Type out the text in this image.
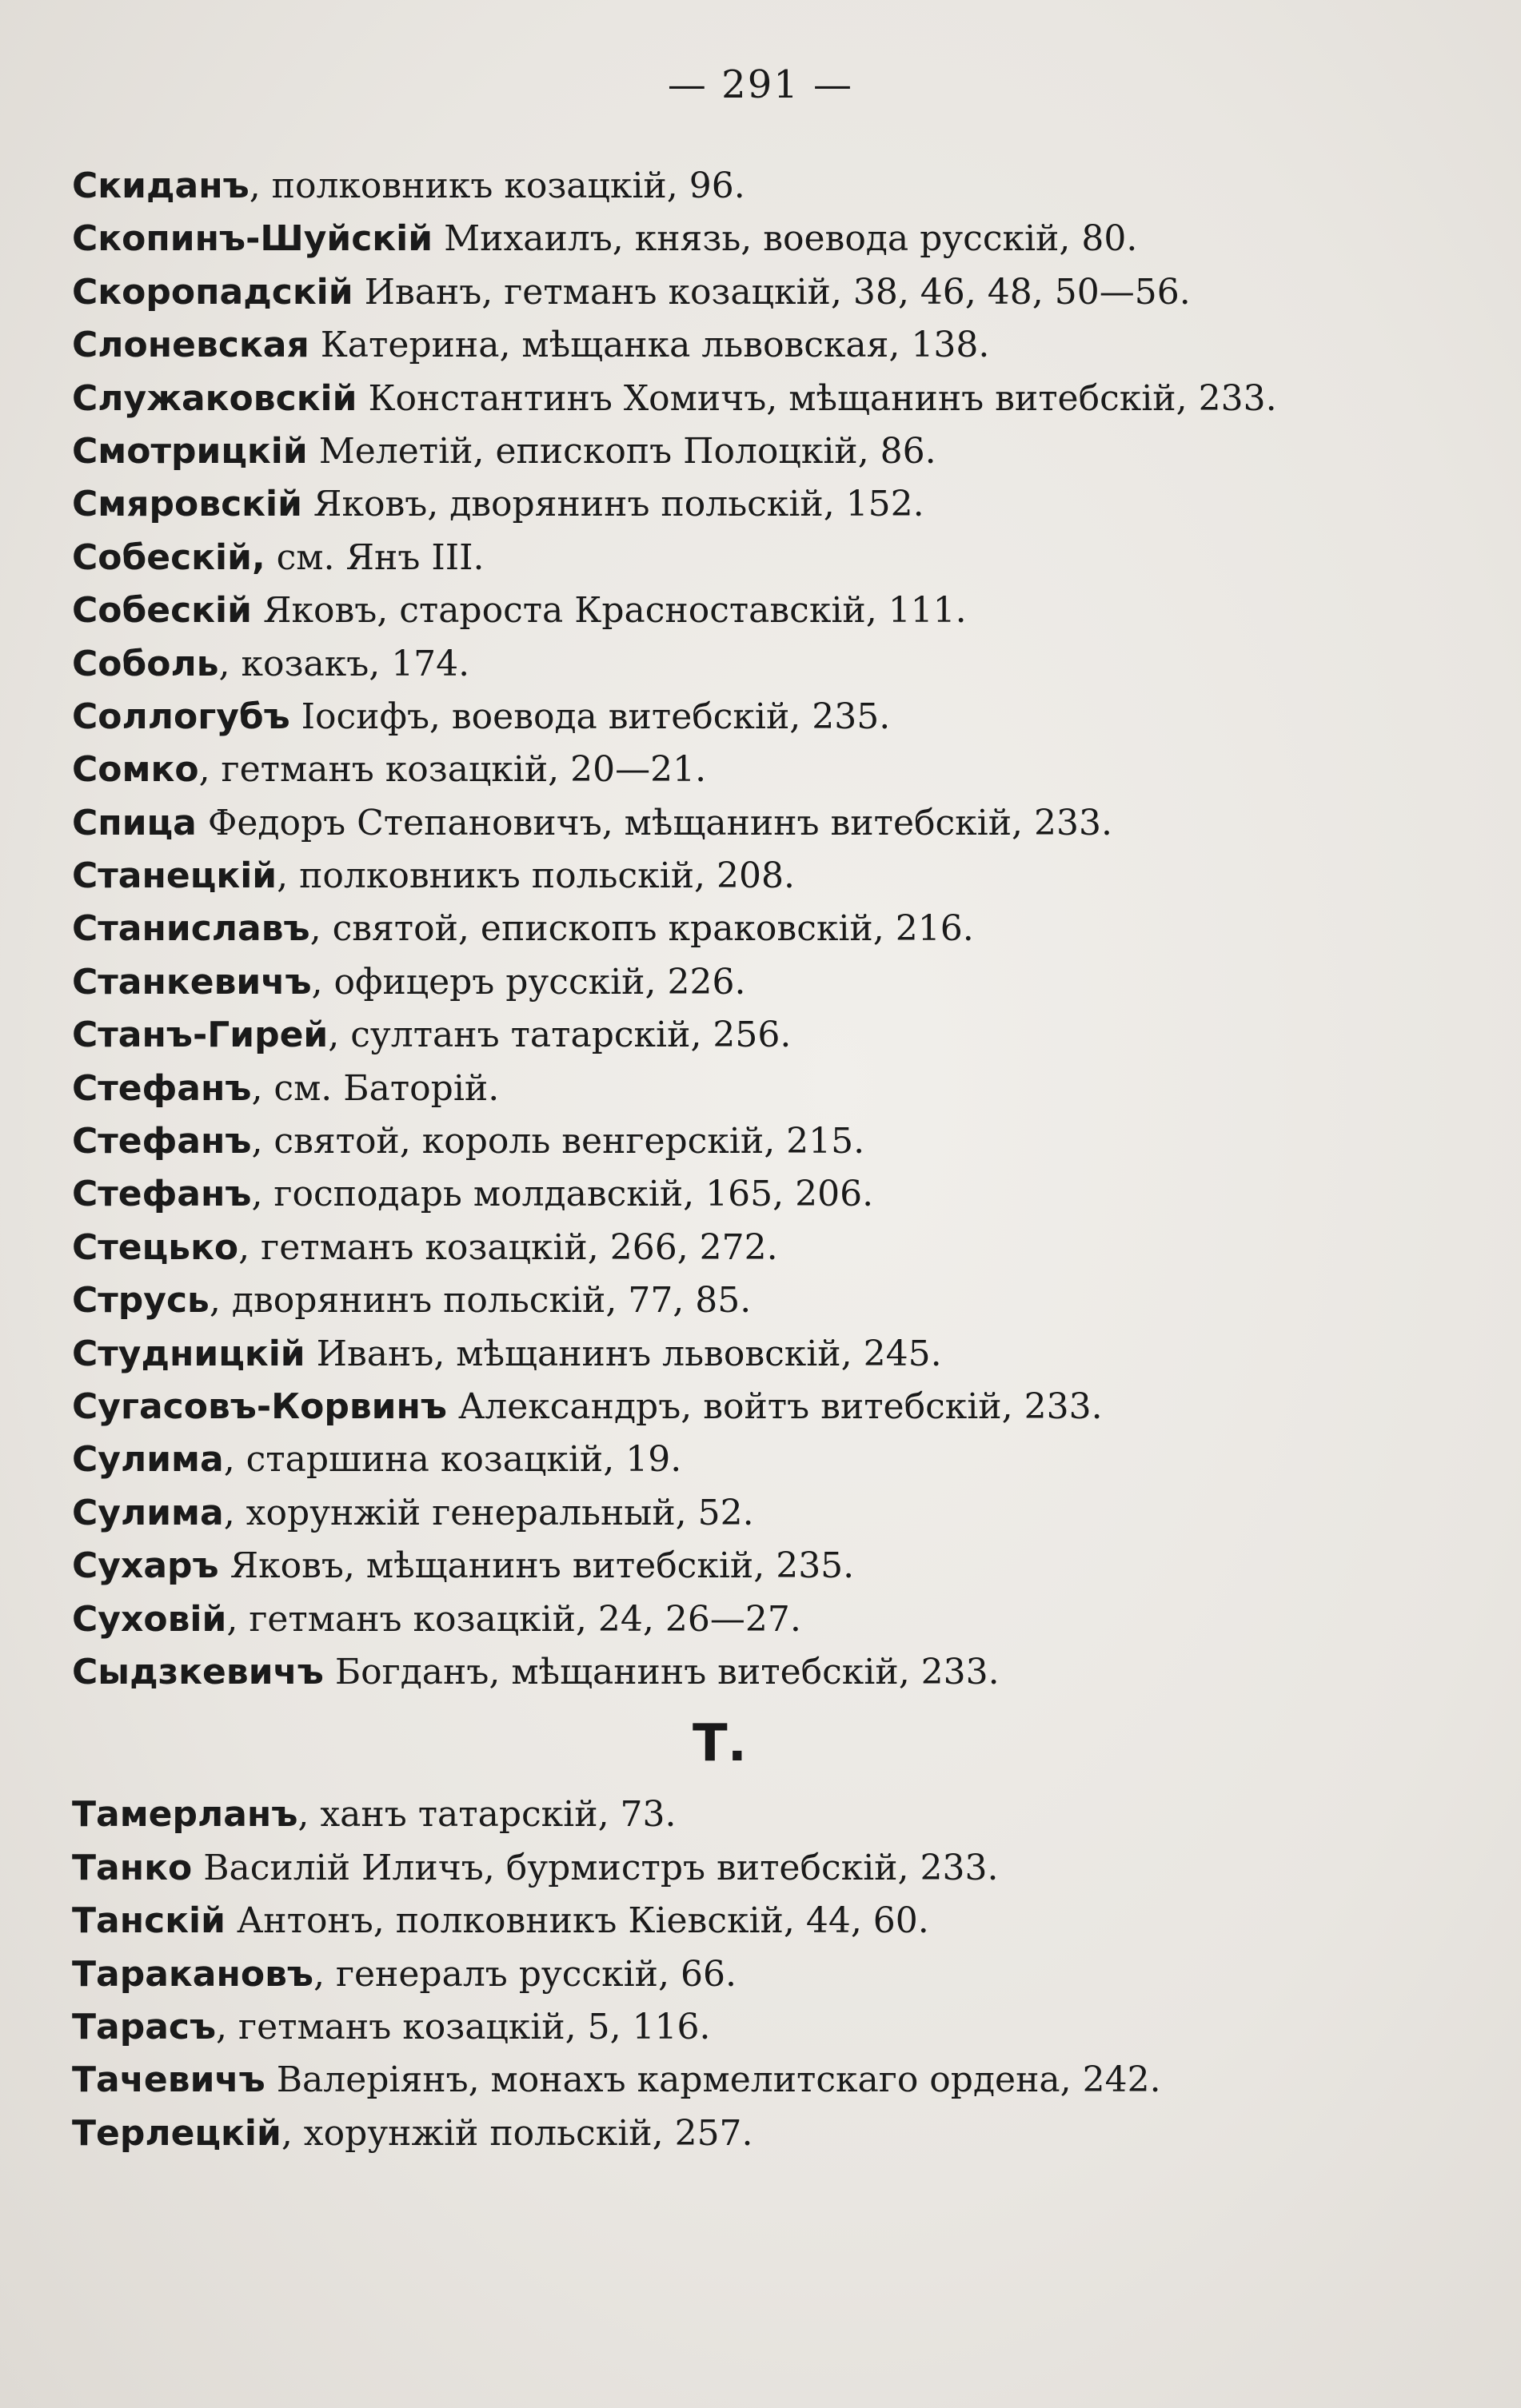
— 291 —
Скиданъ, полковникъ козацкій, 96.
Скопинъ-Шуйскій Михаилъ, князь, воевода русскій, 80.
Скоропадскій Иванъ, гетманъ козацкій, 38, 46, 48, 50—56.
Слоневская Катерина, мѣщанка львовская, 138.
Служаковскій Константинъ Хомичъ, мѣщанинъ витебскій, 233.
Смотрицкій Мелетій, епископъ Полоцкій, 86.
Смяровскій Яковъ, дворянинъ польскій, 152.
Собескій, см. Янъ III.
Собескій Яковъ, староста Красноставскій, 111.
Соболь, козакъ, 174.
Соллогубъ Іосифъ, воевода витебскій, 235.
Сомко, гетманъ козацкій, 20—21.
Спица Федоръ Степановичъ, мѣщанинъ витебскій, 233.
Станецкій, полковникъ польскій, 208.
Станиславъ, святой, епископъ краковскій, 216.
Станкевичъ, офицеръ русскій, 226.
Станъ-Гирей, султанъ татарскій, 256.
Стефанъ, см. Баторій.
Стефанъ, святой, король венгерскій, 215.
Стефанъ, господарь молдавскій, 165, 206.
Стецько, гетманъ козацкій, 266, 272.
Струсь, дворянинъ польскій, 77, 85.
Студницкій Иванъ, мѣщанинъ львовскій, 245.
Сугасовъ-Корвинъ Александръ, войтъ витебскій, 233.
Сулима, старшина козацкій, 19.
Сулима, хорунжій генеральный, 52.
Сухаръ Яковъ, мѣщанинъ витебскій, 235.
Суховій, гетманъ козацкій, 24, 26—27.
Сыдзкевичъ Богданъ, мѣщанинъ витебскій, 233.
Т.
Тамерланъ, ханъ татарскій, 73.
Танко Василій Иличъ, бурмистръ витебскій, 233.
Танскій Антонъ, полковникъ Кіевскій, 44, 60.
Таракановъ, генералъ русскій, 66.
Тарасъ, гетманъ козацкій, 5, 116.
Тачевичъ Валеріянъ, монахъ кармелитскаго ордена, 242.
Терлецкій, хорунжій польскій, 257.
